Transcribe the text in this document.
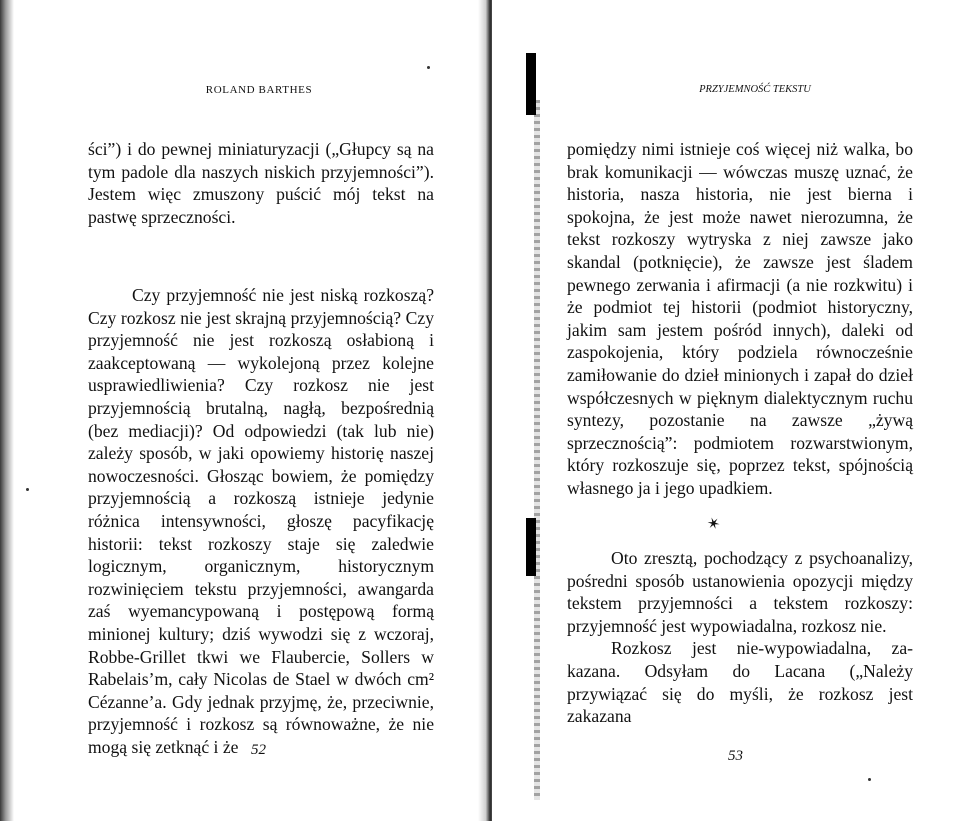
ROLAND BARTHES

ści”) i do pewnej miniaturyzacji („Głupcy są na tym padole dla naszych niskich przyjemności”). Jestem więc zmuszony puścić mój tekst na pastwę sprzeczności.

Czy przyjemność nie jest niską rozkoszą? Czy rozkosz nie jest skrajną przyjemnością? Czy przyjemność nie jest rozkoszą osłabioną i zaakceptowaną — wykolejoną przez kolejne usprawiedliwienia? Czy rozkosz nie jest przyjemnością brutalną, nagłą, bezpośrednią (bez mediacji)? Od odpowiedzi (tak lub nie) zależy sposób, w jaki opowiemy historię naszej nowoczesności. Głosząc bowiem, że pomiędzy przyjemnością a rozkoszą istnieje jedynie różnica intensywności, głoszę pacyfikację historii: tekst rozkoszy staje się zaledwie logicznym, organicznym, historycznym rozwinięciem tekstu przyjemności, awangarda zaś wyemancypowaną i postępową formą minionej kultury; dziś wywodzi się z wczoraj, Robbe-Grillet tkwi we Flaubercie, Sollers w Rabelais’m, cały Nicolas de Stael w dwóch cm² Cézanne’a. Gdy jednak przyjmę, że, przeciwnie, przyjemność i rozkosz są równoważne, że nie mogą się zetknąć i że 52
PRZYJEMNOŚĆ TEKSTU

pomiędzy nimi istnieje coś więcej niż walka, bo brak komunikacji — wówczas muszę uznać, że historia, nasza historia, nie jest bierna i spokojna, że jest może nawet nierozumna, że tekst rozkoszy wytryska z niej zawsze jako skandal (potknięcie), że zawsze jest śladem pewnego zerwania i afirmacji (a nie rozkwitu) i że podmiot tej historii (podmiot historyczny, jakim sam jestem pośród innych), daleki od zaspokojenia, który podziela równocześnie zamiłowanie do dzieł minionych i zapał do dzieł współczesnych w pięknym dialektycznym ruchu syntezy, pozostanie na zawsze „żywą sprzecznością”: podmiotem rozwarstwionym, który rozkoszuje się, poprzez tekst, spójnością własnego ja i jego upadkiem.

✶

Oto zresztą, pochodzący z psychoanalizy, pośredni sposób ustanowienia opozycji między tekstem przyjemności a tekstem rozkoszy: przyjemność jest wypowiadalna, rozkosz nie.

Rozkosz jest nie-wypowiadalna, za-kazana. Odsyłam do Lacana („Należy przywiązać się do myśli, że rozkosz jest zakazana

53
